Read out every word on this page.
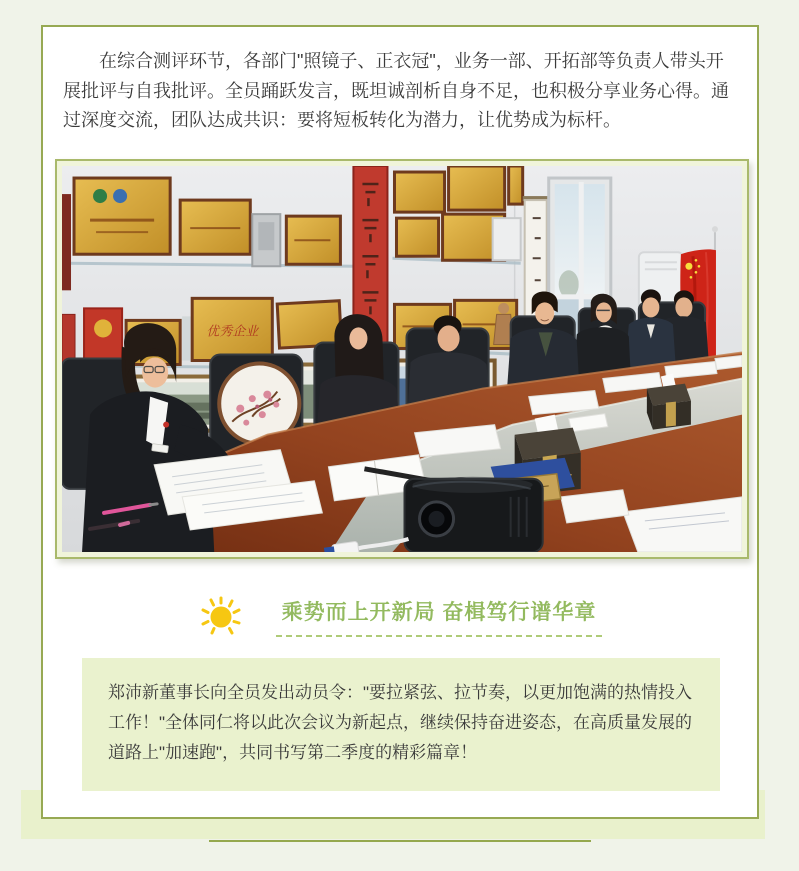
在综合测评环节，各部门"照镜子、正衣冠"，业务一部、开拓部等负责人带头开展批评与自我批评。全员踊跃发言，既坦诚剖析自身不足，也积极分享业务心得。通过深度交流，团队达成共识：要将短板转化为潜力，让优势成为标杆。

优秀企业
乘势而上开新局 奋楫笃行谱华章

郑沛新董事长向全员发出动员令："要拉紧弦、拉节奏，以更加饱满的热情投入工作！"全体同仁将以此次会议为新起点，继续保持奋进姿态，在高质量发展的道路上"加速跑"，共同书写第二季度的精彩篇章！
